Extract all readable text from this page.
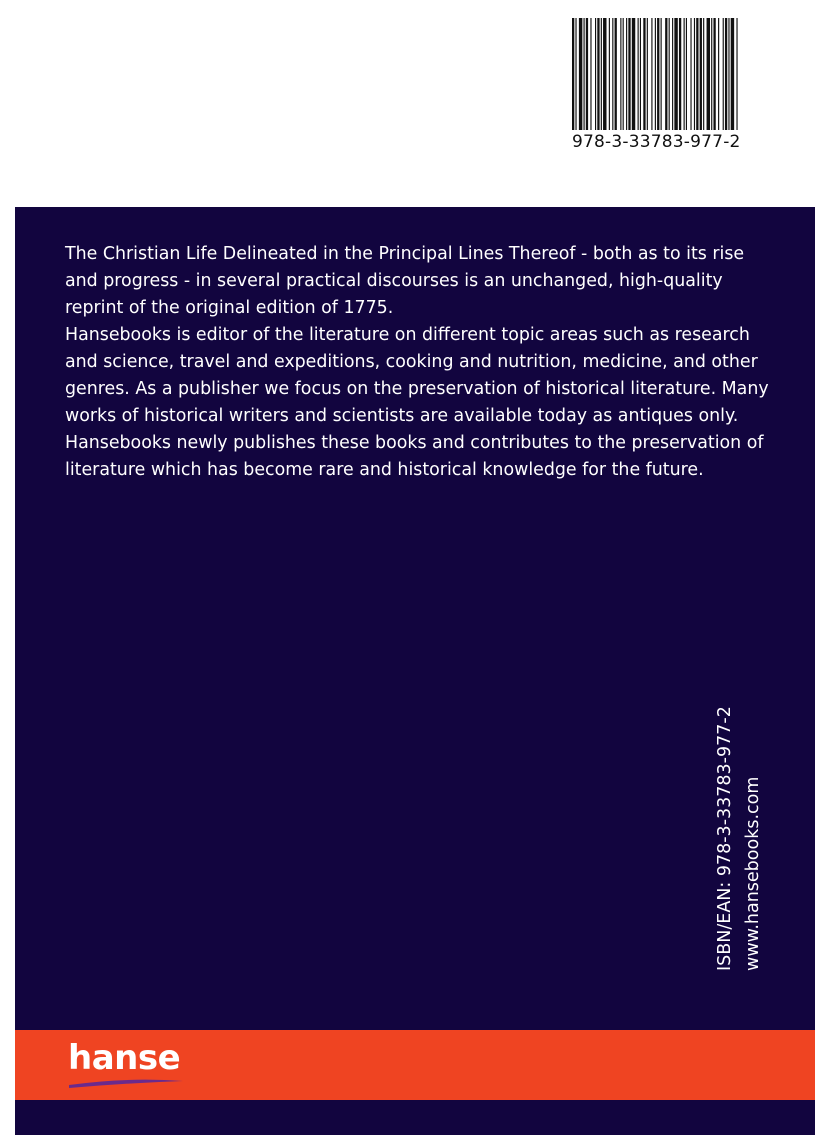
978-3-33783-977-2

The Christian Life Delineated in the Principal Lines Thereof - both as to its rise and progress - in several practical discourses is an unchanged, high-quality reprint of the original edition of 1775.

Hansebooks is editor of the literature on different topic areas such as research and science, travel and expeditions, cooking and nutrition, medicine, and other genres. As a publisher we focus on the preservation of historical literature. Many works of historical writers and scientists are available today as antiques only. Hansebooks newly publishes these books and contributes to the preservation of literature which has become rare and historical knowledge for the future.

ISBN/EAN: 978-3-33783-977-2 www.hansebooks.com
hanse
